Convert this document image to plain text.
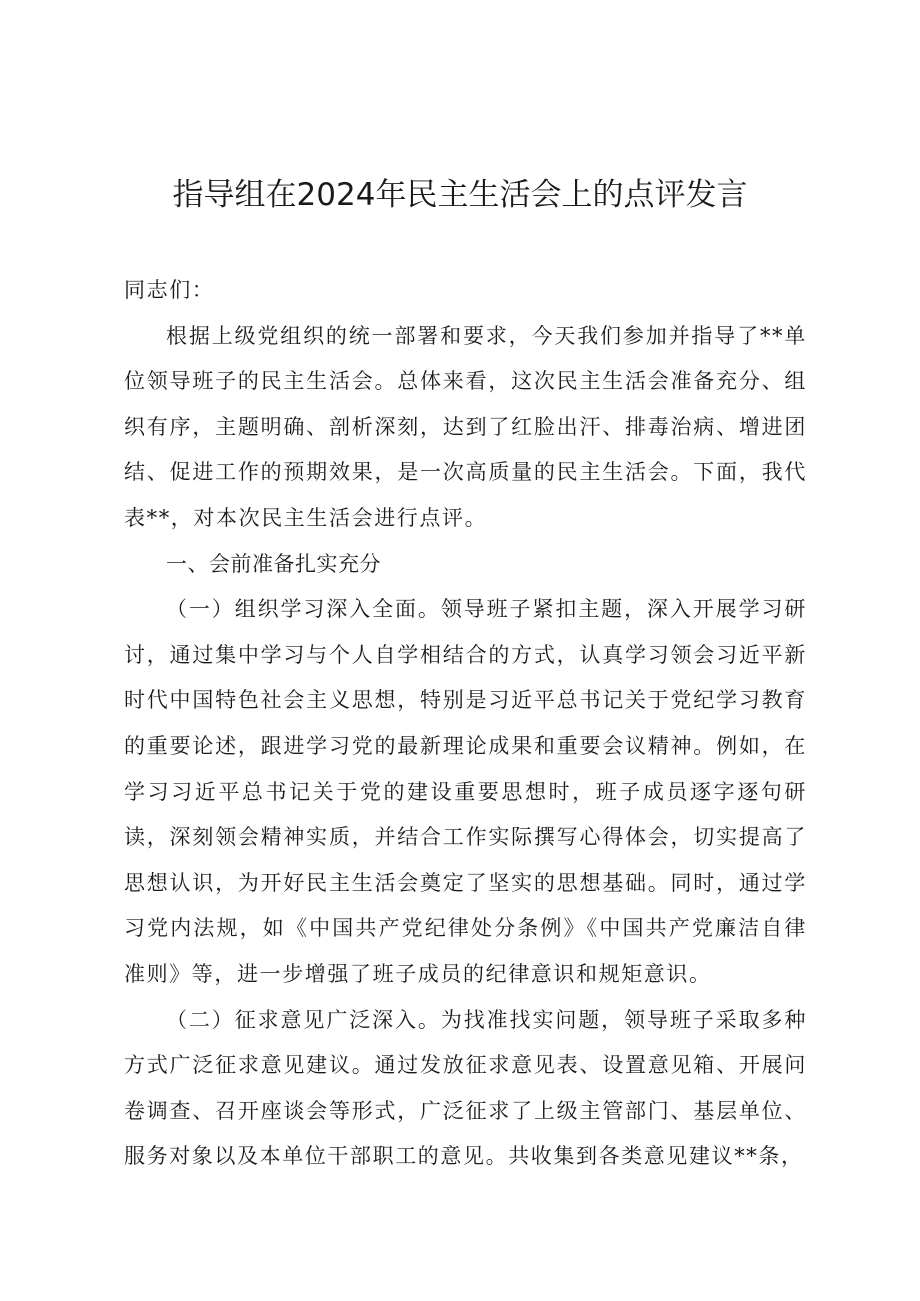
指导组在2024年民主生活会上的点评发言

同志们：

根据上级党组织的统一部署和要求，今天我们参加并指导了**单位领导班子的民主生活会。总体来看，这次民主生活会准备充分、组织有序，主题明确、剖析深刻，达到了红脸出汗、排毒治病、增进团结、促进工作的预期效果，是一次高质量的民主生活会。下面，我代表**，对本次民主生活会进行点评。

一、会前准备扎实充分

（一）组织学习深入全面。领导班子紧扣主题，深入开展学习研讨，通过集中学习与个人自学相结合的方式，认真学习领会习近平新时代中国特色社会主义思想，特别是习近平总书记关于党纪学习教育的重要论述，跟进学习党的最新理论成果和重要会议精神。例如，在学习习近平总书记关于党的建设重要思想时，班子成员逐字逐句研读，深刻领会精神实质，并结合工作实际撰写心得体会，切实提高了思想认识，为开好民主生活会奠定了坚实的思想基础。同时，通过学习党内法规，如《中国共产党纪律处分条例》《中国共产党廉洁自律准则》等，进一步增强了班子成员的纪律意识和规矩意识。

（二）征求意见广泛深入。为找准找实问题，领导班子采取多种方式广泛征求意见建议。通过发放征求意见表、设置意见箱、开展问卷调查、召开座谈会等形式，广泛征求了上级主管部门、基层单位、服务对象以及本单位干部职工的意见。共收集到各类意见建议**条，
